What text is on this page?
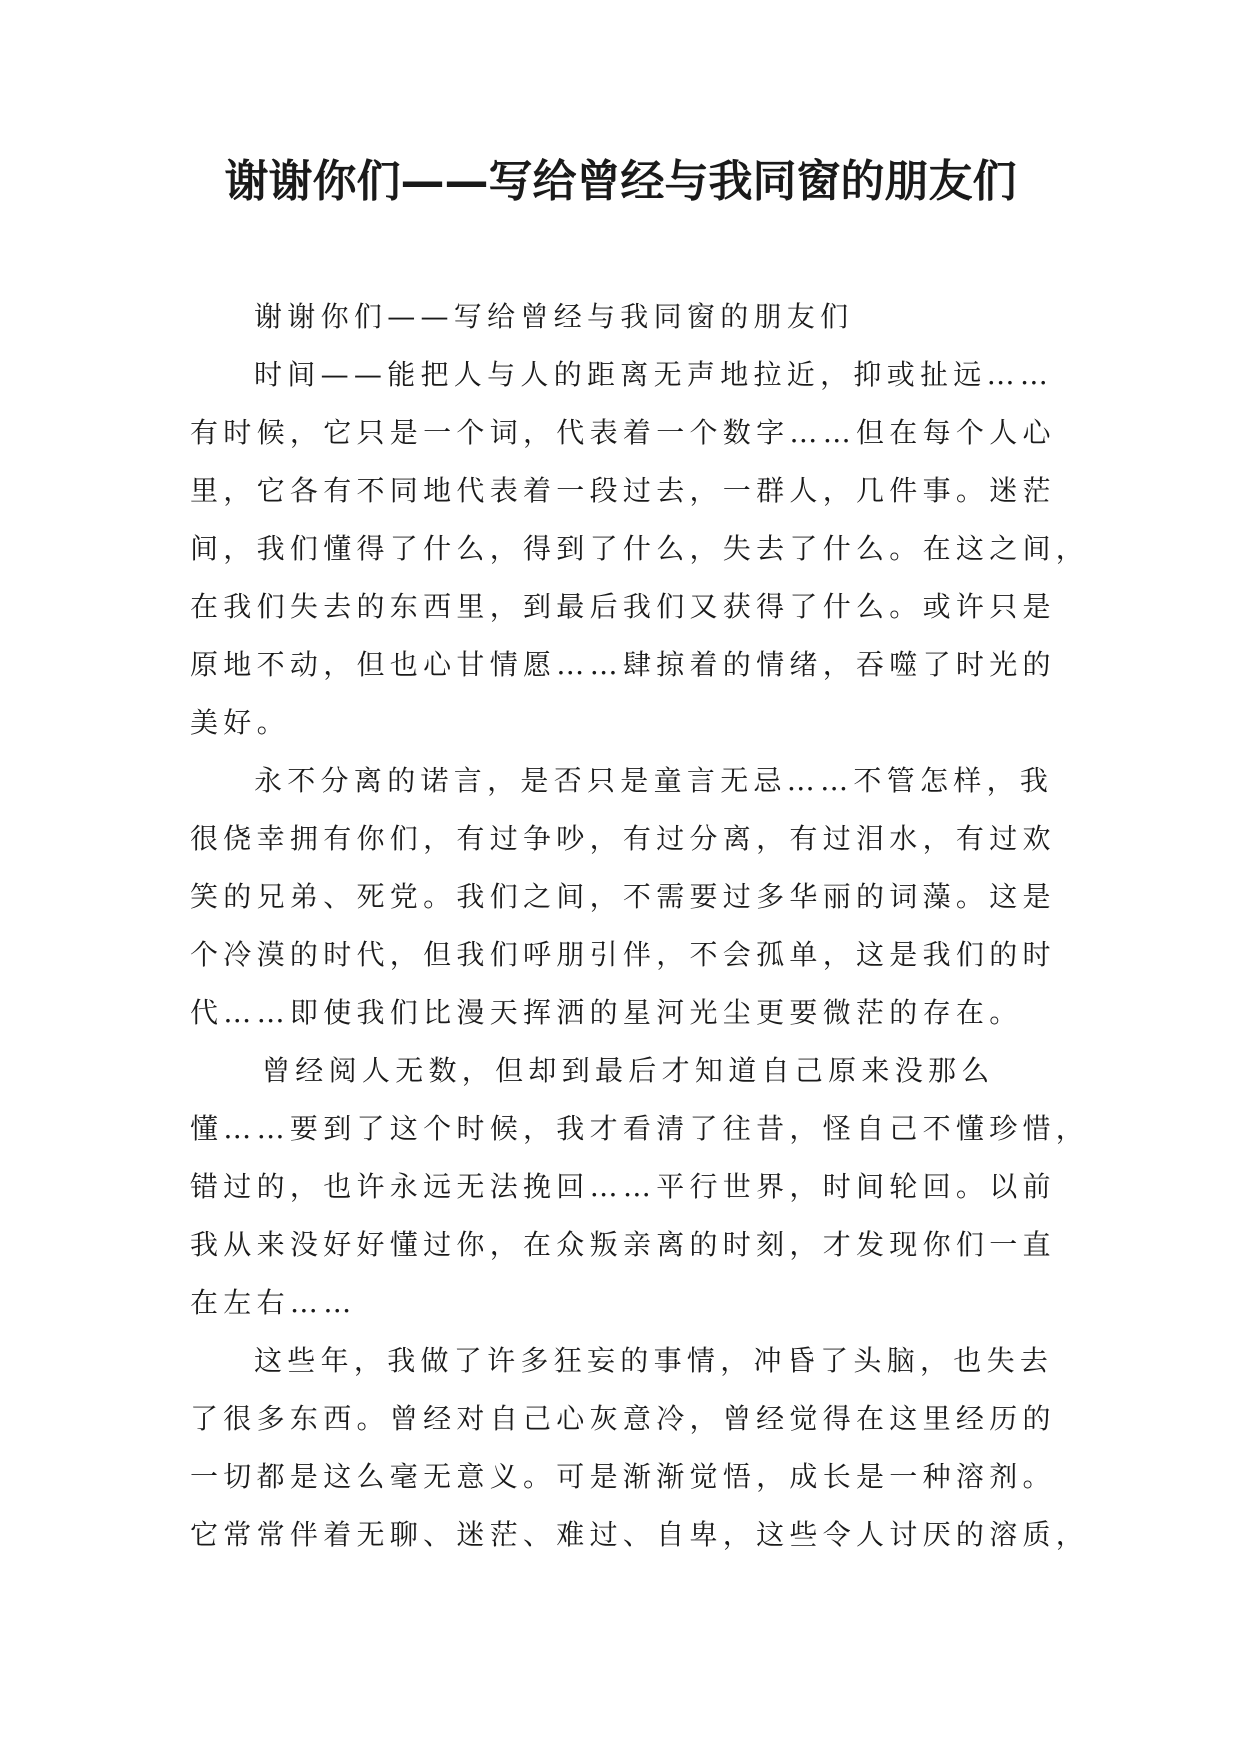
谢谢你们——写给曾经与我同窗的朋友们
谢谢你们——写给曾经与我同窗的朋友们
时间——能把人与人的距离无声地拉近，抑或扯远……
有时候，它只是一个词，代表着一个数字……但在每个人心
里，它各有不同地代表着一段过去，一群人，几件事。迷茫
间，我们懂得了什么，得到了什么，失去了什么。在这之间，
在我们失去的东西里，到最后我们又获得了什么。或许只是
原地不动，但也心甘情愿……肆掠着的情绪，吞噬了时光的
美好。
永不分离的诺言，是否只是童言无忌……不管怎样，我
很侥幸拥有你们，有过争吵，有过分离，有过泪水，有过欢
笑的兄弟、死党。我们之间，不需要过多华丽的词藻。这是
个冷漠的时代，但我们呼朋引伴，不会孤单，这是我们的时
代……即使我们比漫天挥洒的星河光尘更要微茫的存在。
曾经阅人无数，但却到最后才知道自己原来没那么
懂……要到了这个时候，我才看清了往昔，怪自己不懂珍惜，
错过的，也许永远无法挽回……平行世界，时间轮回。以前
我从来没好好懂过你，在众叛亲离的时刻，才发现你们一直
在左右……
这些年，我做了许多狂妄的事情，冲昏了头脑，也失去
了很多东西。曾经对自己心灰意冷，曾经觉得在这里经历的
一切都是这么毫无意义。可是渐渐觉悟，成长是一种溶剂。
它常常伴着无聊、迷茫、难过、自卑，这些令人讨厌的溶质，
